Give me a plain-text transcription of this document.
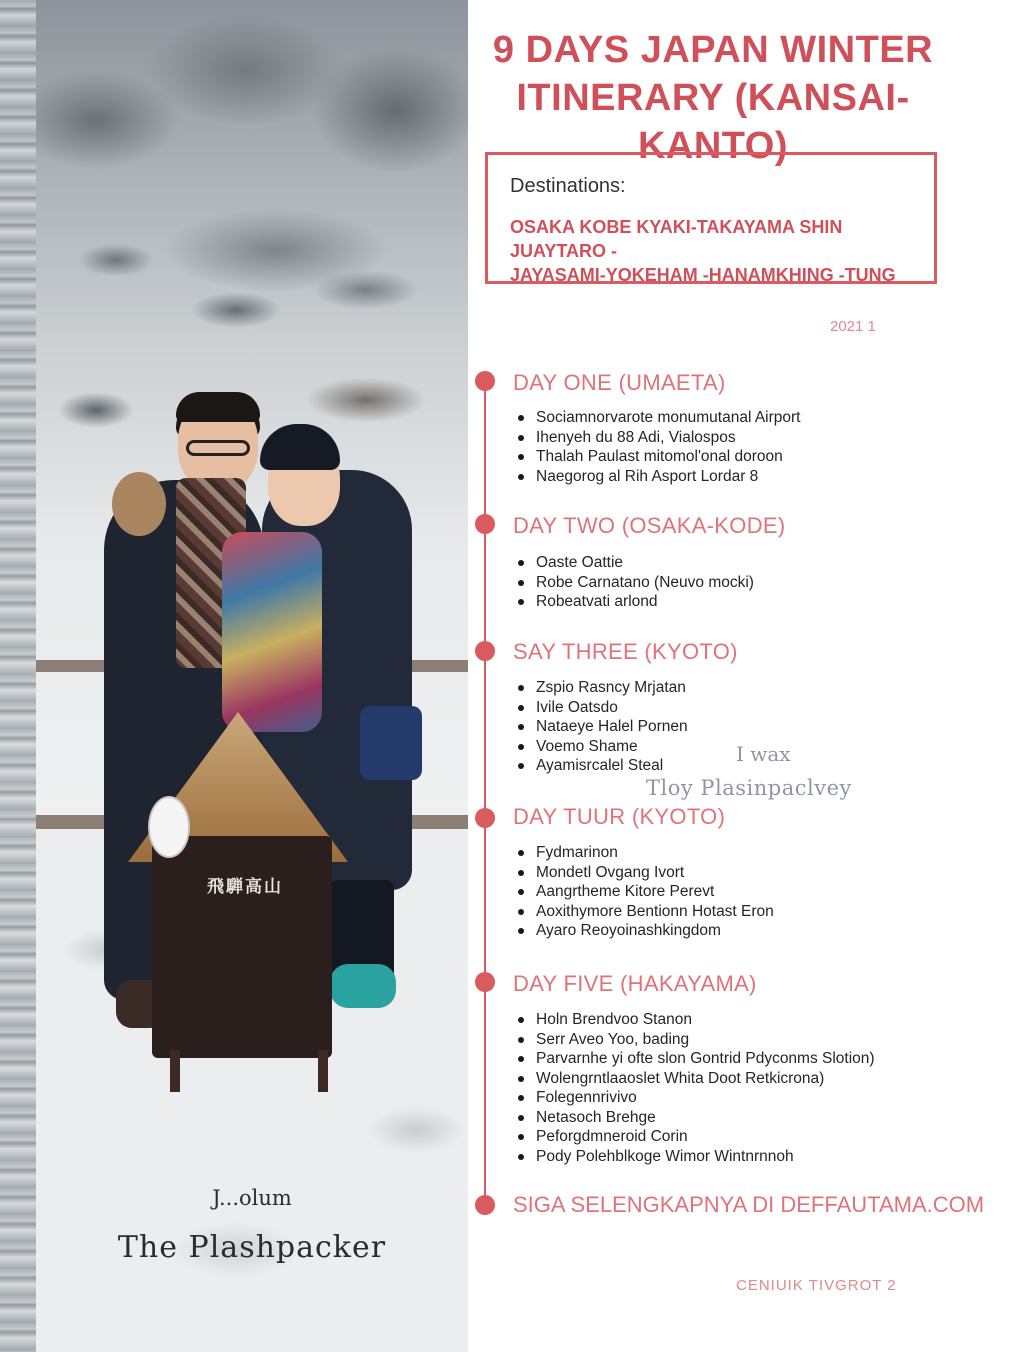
飛騨高山
J...olum
The Plashpacker
9 DAYS JAPAN WINTER
ITINERARY (KANSAI-KANTO)
Destinations:
OSAKA KOBE KYAKI-TAKAYAMA SHIN JUAYTARO -
JAYASAMI-YOKEHAM -HANAMKHING -TUNG
2021 1
DAY ONE (UMAETA)
Sociamnorvarote monumutanal Airport
Ihenyeh du 88 Adi, Vialospos
Thalah Paulast mitomol'onal doroon
Naegorog al Rih Asport Lordar 8
DAY TWO (OSAKA-KODE)
Oaste Oattie
Robe Carnatano (Neuvo mocki)
Robeatvati arlond
SAY THREE (KYOTO)
Zspio Rasncy Mrjatan
Ivile Oatsdo
Nataeye Halel Pornen
Voemo Shame
Ayamisrcalel Steal
DAY TUUR (KYOTO)
Fydmarinon
Mondetl Ovgang Ivort
Aangrtheme Kitore Perevt
Aoxithymore Bentionn Hotast Eron
Ayaro Reoyoinashkingdom
DAY FIVE (HAKAYAMA)
Holn Brendvoo Stanon
Serr Aveo Yoo, bading
Parvarnhe yi ofte slon Gontrid Pdyconms Slotion)
Wolengrntlaaoslet Whita Doot Retkicrona)
Folegennrivivo
Netasoch Brehge
Peforgdmneroid Corin
Pody Polehblkoge Wimor Wintnrnnoh
I wax
Tloy Plasinpaclvey
SIGA SELENGKAPNYA DI DEFFAUTAMA.COM
CENIUIK TIVGROT 2
